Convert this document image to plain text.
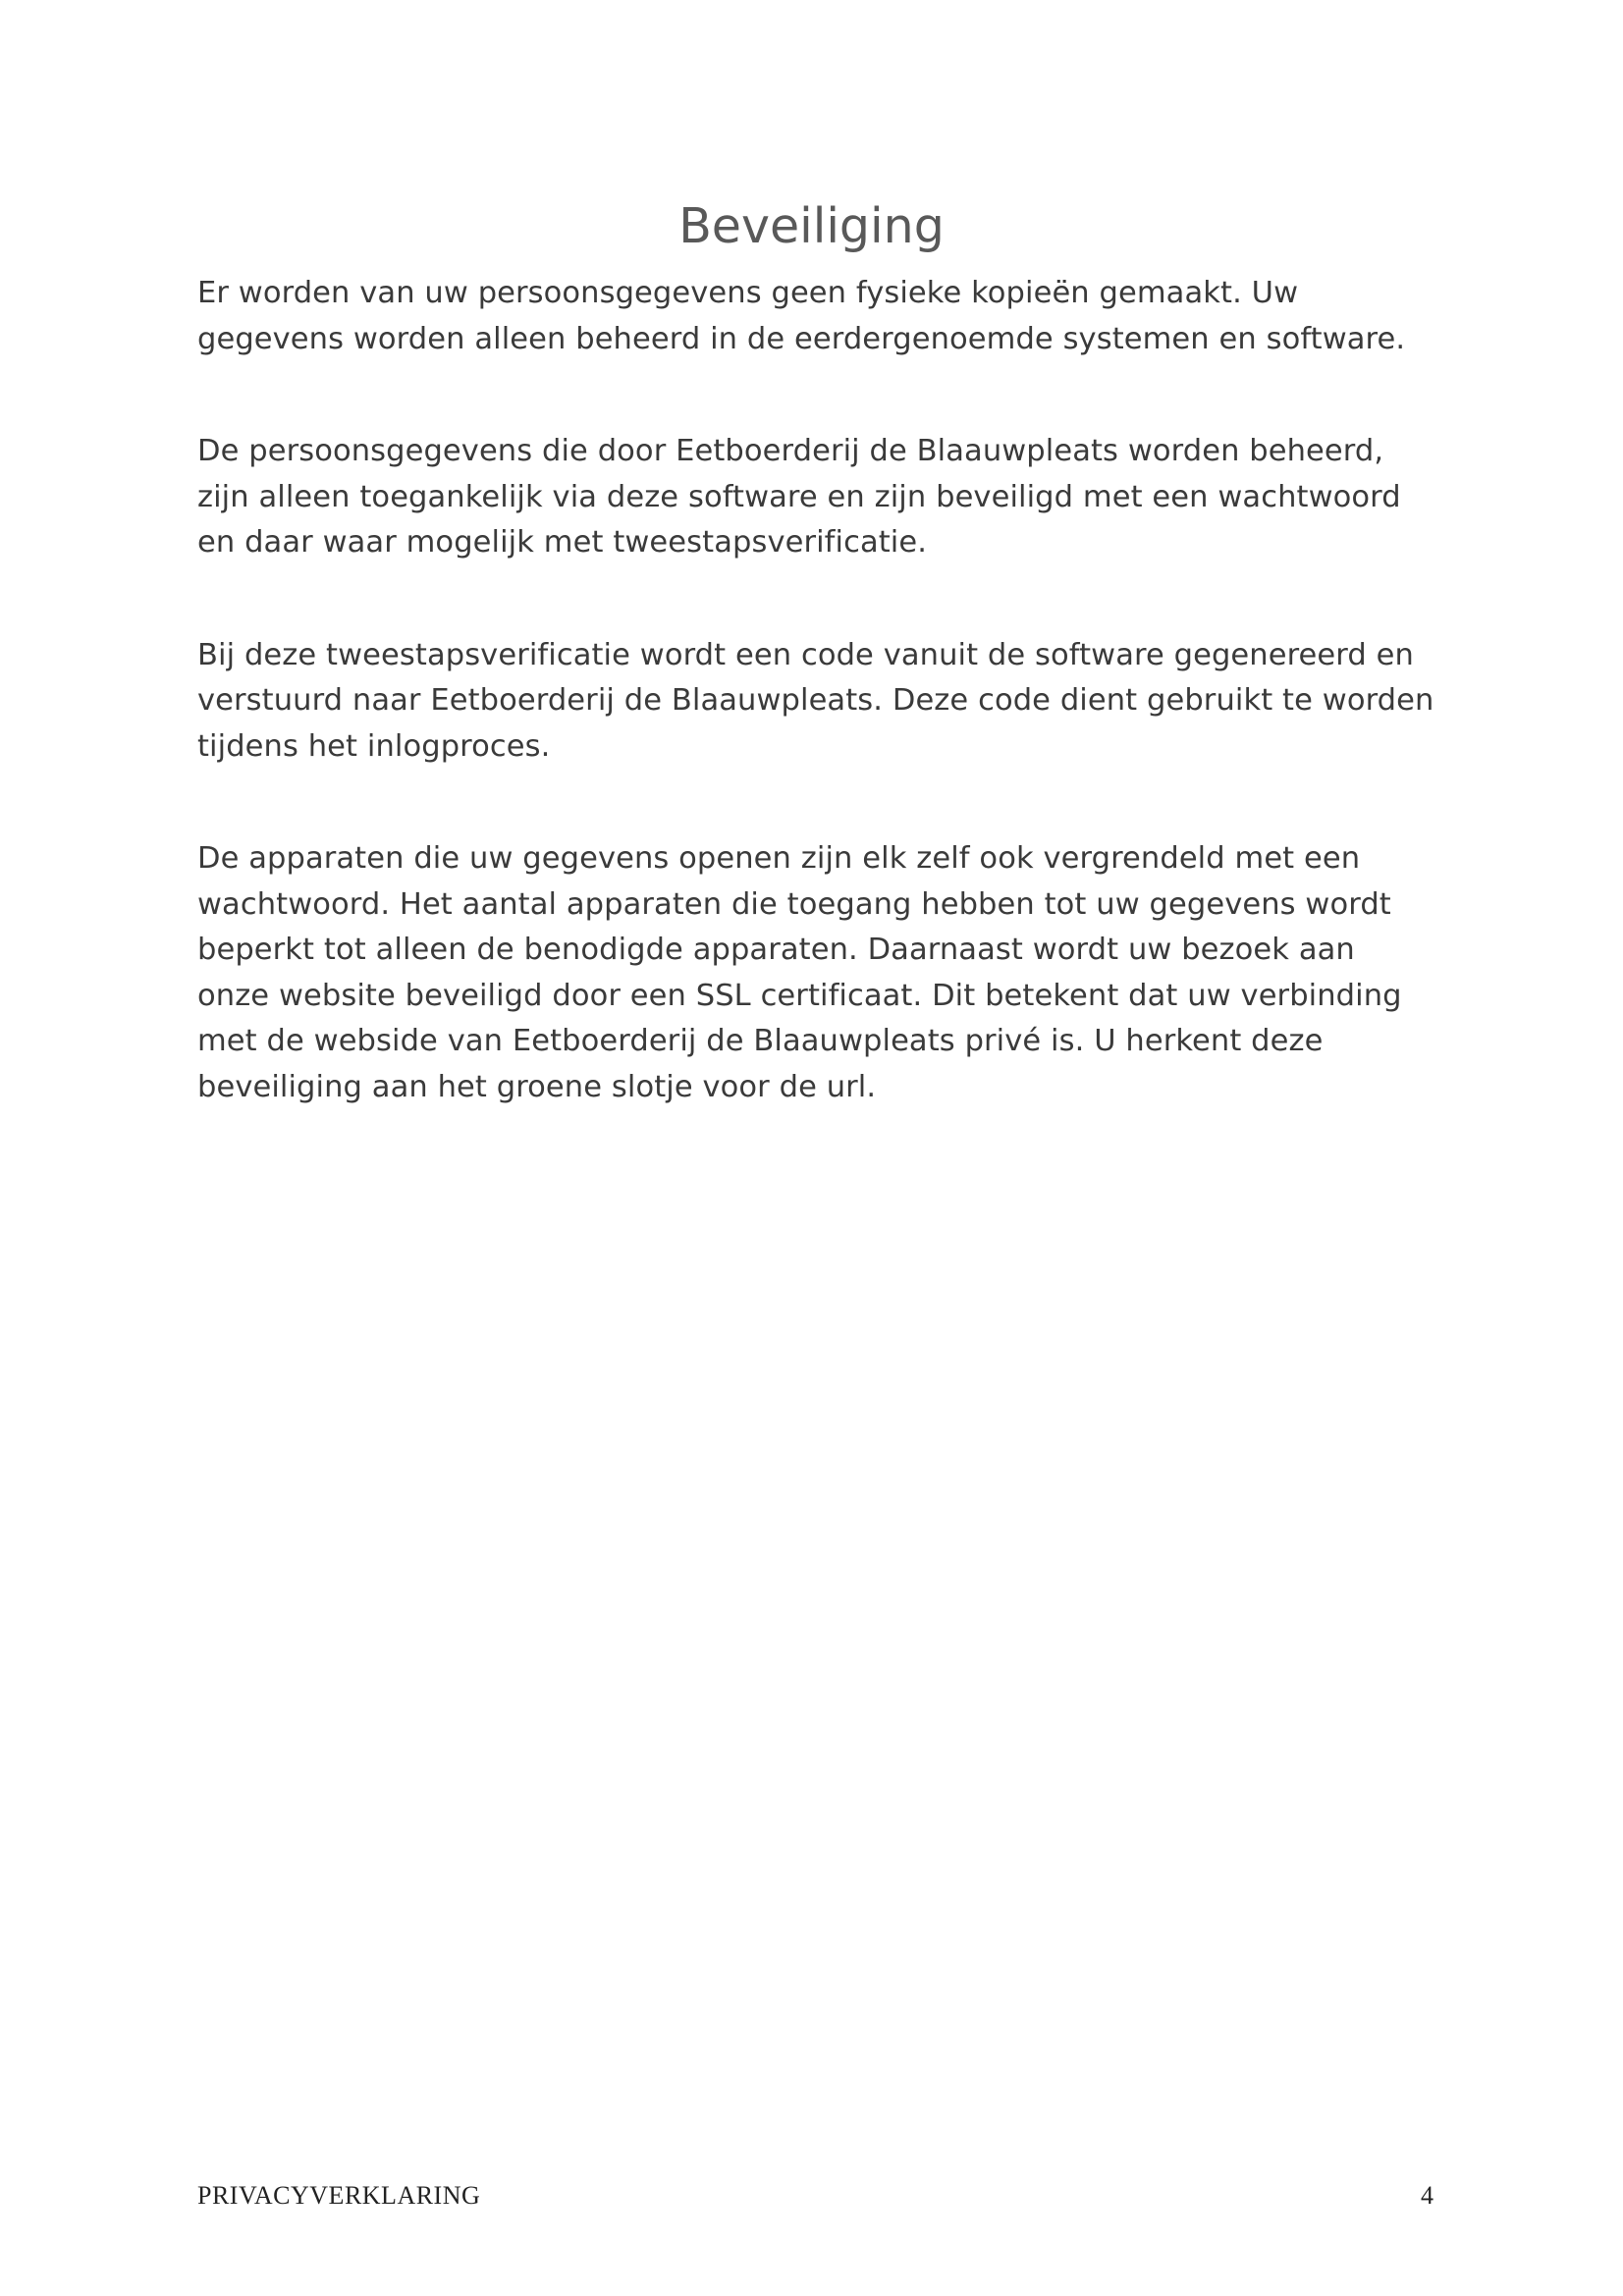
Beveiliging

Er worden van uw persoonsgegevens geen fysieke kopieën gemaakt. Uw gegevens worden alleen beheerd in de eerdergenoemde systemen en software.

De persoonsgegevens die door Eetboerderij de Blaauwpleats worden beheerd, zijn alleen toegankelijk via deze software en zijn beveiligd met een wachtwoord en daar waar mogelijk met tweestapsverificatie.

Bij deze tweestapsverificatie wordt een code vanuit de software gegenereerd en verstuurd naar Eetboerderij de Blaauwpleats. Deze code dient gebruikt te worden tijdens het inlogproces.

De apparaten die uw gegevens openen zijn elk zelf ook vergrendeld met een wachtwoord. Het aantal apparaten die toegang hebben tot uw gegevens wordt beperkt tot alleen de benodigde apparaten. Daarnaast wordt uw bezoek aan onze website beveiligd door een SSL certificaat. Dit betekent dat uw verbinding met de webside van Eetboerderij de Blaauwpleats privé is. U herkent deze beveiliging aan het groene slotje voor de url.

PRIVACYVERKLARING	4
